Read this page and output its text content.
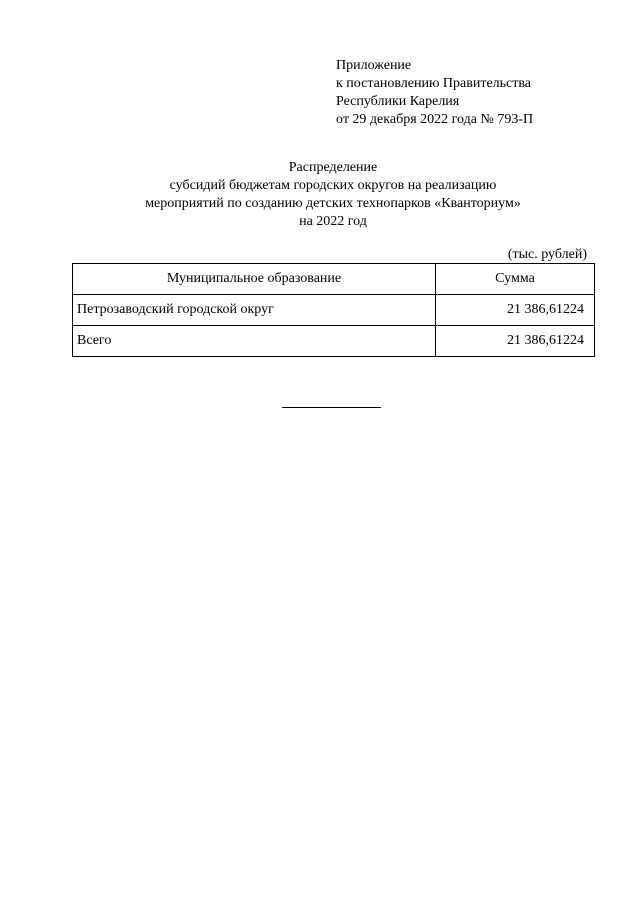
Приложение
к постановлению Правительства
Республики Карелия
от 29 декабря 2022 года № 793-П
Распределение
субсидий бюджетам городских округов на реализацию
мероприятий по созданию детских технопарков «Кванториум»
на 2022 год
(тыс. рублей)
Муниципальное образование	Сумма
Петрозаводский городской округ	21 386,61224
Всего	21 386,61224
